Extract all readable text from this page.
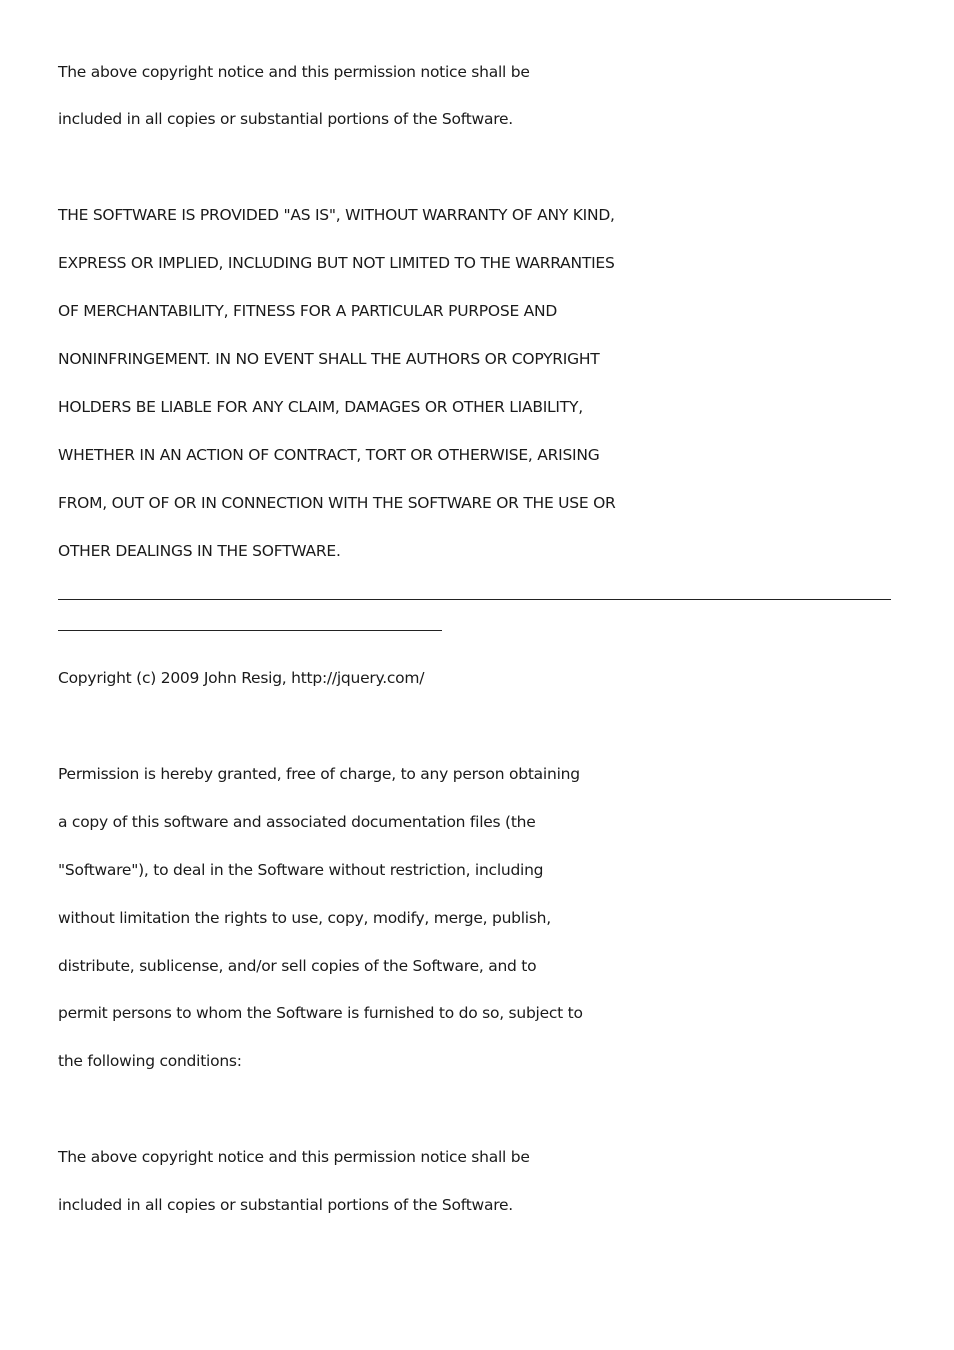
The above copyright notice and this permission notice shall be
included in all copies or substantial portions of the Software.
THE SOFTWARE IS PROVIDED "AS IS", WITHOUT WARRANTY OF ANY KIND,
EXPRESS OR IMPLIED, INCLUDING BUT NOT LIMITED TO THE WARRANTIES
OF MERCHANTABILITY, FITNESS FOR A PARTICULAR PURPOSE AND
NONINFRINGEMENT. IN NO EVENT SHALL THE AUTHORS OR COPYRIGHT
HOLDERS BE LIABLE FOR ANY CLAIM, DAMAGES OR OTHER LIABILITY,
WHETHER IN AN ACTION OF CONTRACT, TORT OR OTHERWISE, ARISING
FROM, OUT OF OR IN CONNECTION WITH THE SOFTWARE OR THE USE OR
OTHER DEALINGS IN THE SOFTWARE.
Copyright (c) 2009 John Resig, http://jquery.com/
Permission is hereby granted, free of charge, to any person obtaining
a copy of this software and associated documentation files (the
"Software"), to deal in the Software without restriction, including
without limitation the rights to use, copy, modify, merge, publish,
distribute, sublicense, and/or sell copies of the Software, and to
permit persons to whom the Software is furnished to do so, subject to
the following conditions:
The above copyright notice and this permission notice shall be
included in all copies or substantial portions of the Software.
